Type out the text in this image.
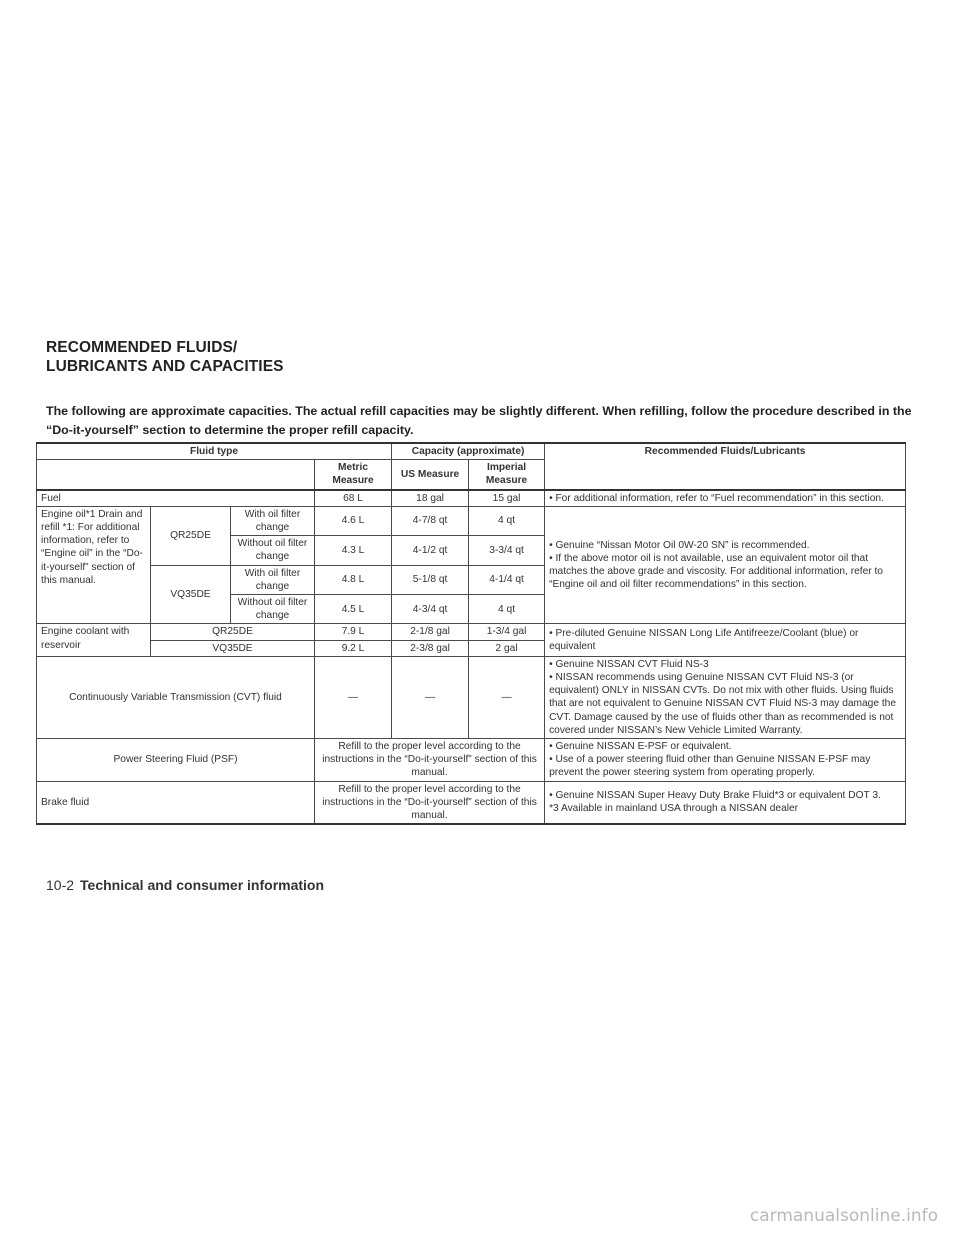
RECOMMENDED FLUIDS/
LUBRICANTS AND CAPACITIES

The following are approximate capacities. The actual refill capacities may be slightly different. When refilling, follow the procedure described in the “Do-it-yourself” section to determine the proper refill capacity.

Fluid type				Capacity (approximate)		Recommended Fluids/Lubricants
			Metric Measure	US Measure	Imperial Measure	
Fuel			68 L	18 gal	15 gal	• For additional information, refer to “Fuel recommendation” in this section.
Engine oil*1 Drain and refill *1: For additional information, refer to “Engine oil” in the “Do-it-yourself” section of this manual.	QR25DE	With oil filter change	4.6 L	4-7/8 qt	4 qt	• Genuine “Nissan Motor Oil 0W-20 SN” is recommended.
• If the above motor oil is not available, use an equivalent motor oil that matches the above grade and viscosity. For additional information, refer to “Engine oil and oil filter recommendations” in this section.

		Without oil filter change	4.3 L	4-1/2 qt	3-3/4 qt	
	VQ35DE	With oil filter change	4.8 L	5-1/8 qt	4-1/4 qt	
		Without oil filter change	4.5 L	4-3/4 qt	4 qt	
Engine coolant with reservoir	QR25DE		7.9 L	2-1/8 gal	1-3/4 gal	• Pre-diluted Genuine NISSAN Long Life Antifreeze/Coolant (blue) or equivalent
	VQ35DE		9.2 L	2-3/8 gal	2 gal	
Continuously Variable Transmission (CVT) fluid			—	—	—	• Genuine NISSAN CVT Fluid NS-3
• NISSAN recommends using Genuine NISSAN CVT Fluid NS-3 (or equivalent) ONLY in NISSAN CVTs. Do not mix with other fluids. Using fluids that are not equivalent to Genuine NISSAN CVT Fluid NS-3 may damage the CVT. Damage caused by the use of fluids other than as recommended is not covered under NISSAN’s New Vehicle Limited Warranty.

Power Steering Fluid (PSF)			Refill to the proper level according to the instructions in the “Do-it-yourself” section of this manual.			• Genuine NISSAN E-PSF or equivalent.
• Use of a power steering fluid other than Genuine NISSAN E-PSF may prevent the power steering system from operating properly.

Brake fluid			Refill to the proper level according to the instructions in the “Do-it-yourself” section of this manual.			• Genuine NISSAN Super Heavy Duty Brake Fluid*3 or equivalent DOT 3.
*3 Available in mainland USA through a NISSAN dealer
10-2 Technical and consumer information
carmanualsonline.info
